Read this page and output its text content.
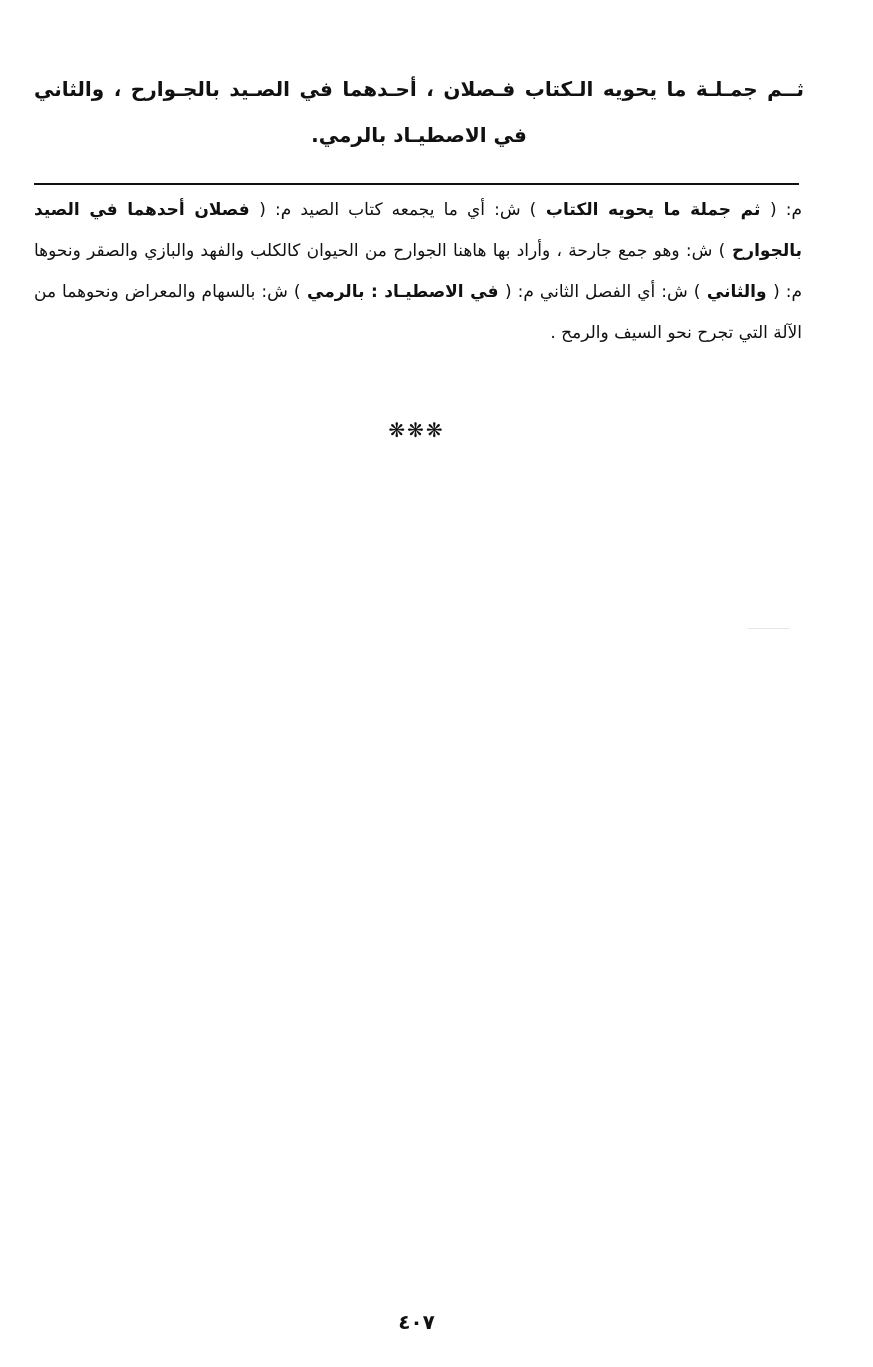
ثــم جمـلـة ما يحويه الـكتاب فـصلان ، أحـدهما في الصـيد بالجـوارح ، والثاني في الاصطيـاد بالرمي.

م: ( ثم جملة ما يحويه الكتاب ) ش: أي ما يجمعه كتاب الصيد م: ( فصلان أحدهما في الصيد بالجوارح ) ش: وهو جمع جارحة ، وأراد بها هاهنا الجوارح من الحيوان كالكلب والفهد والبازي والصقر ونحوها م: ( والثاني ) ش: أي الفصل الثاني م: ( في الاصطيـاد : بالرمي ) ش: بالسهام والمعراض ونحوهما من الآلة التي تجرح نحو السيف والرمح .

❋❋❋
٤٠٧
